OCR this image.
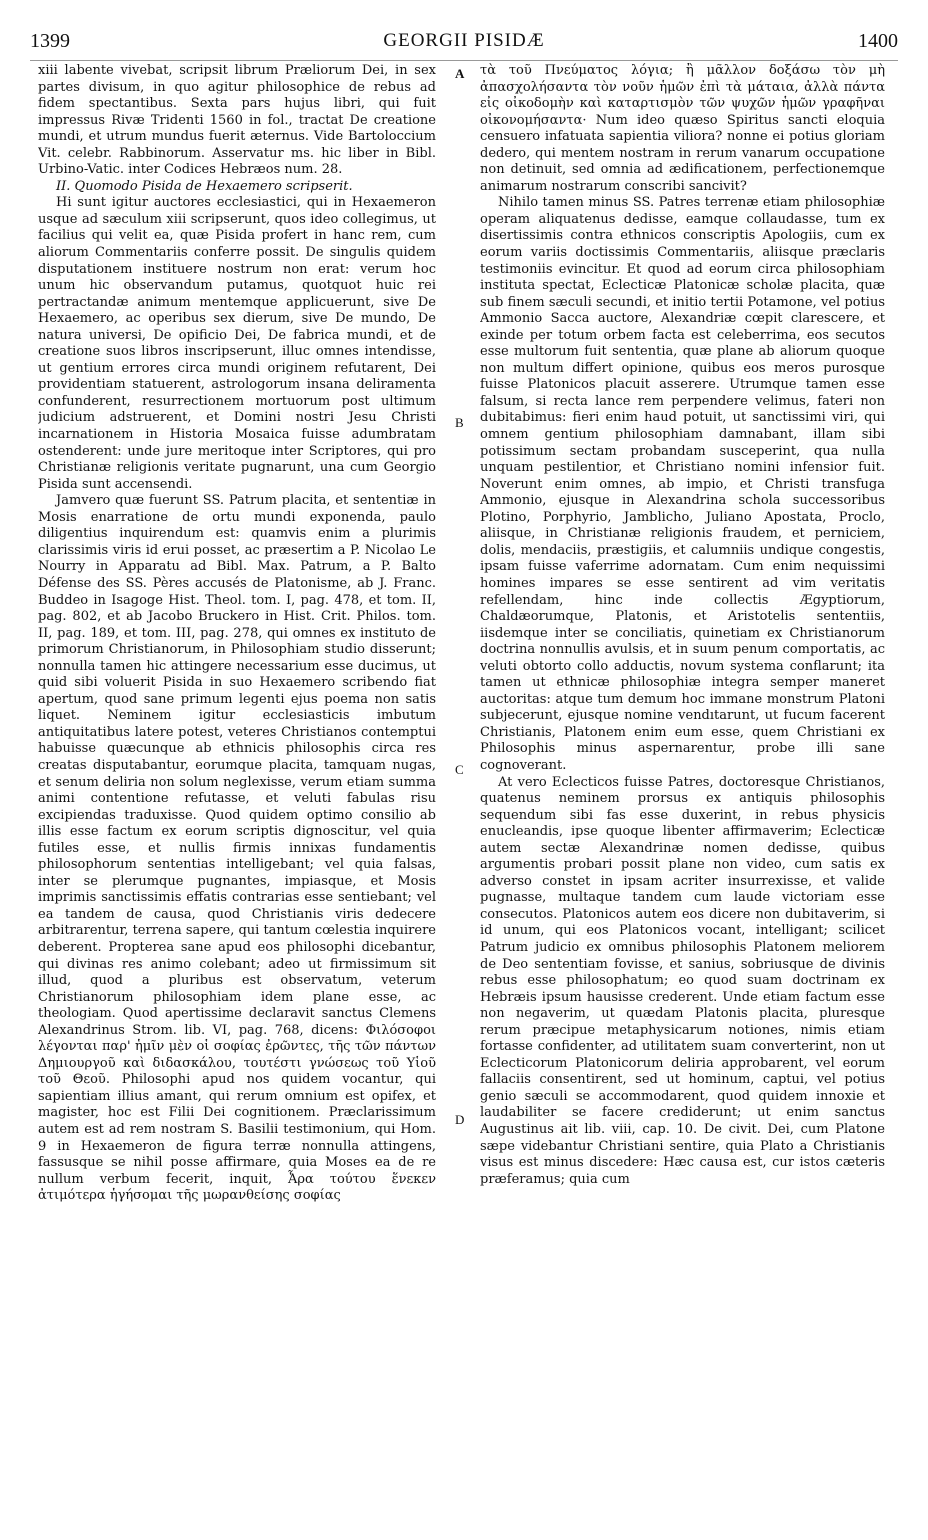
1399	GEORGII PISIDÆ	1400
A
B
C
D

xiii labente vivebat, scripsit librum Præliorum Dei, in sex partes divisum, in quo agitur philosophice de rebus ad fidem spectantibus. Sexta pars hujus libri, qui fuit impressus Rivæ Tridenti 1560 in fol., tractat De creatione mundi, et utrum mundus fuerit æternus. Vide Bartoloccium Vit. celebr. Rabbinorum. Asservatur ms. hic liber in Bibl. Urbino-Vatic. inter Codices Hebræos num. 28.

II. Quomodo Pisida de Hexaemero scripserit.

Hi sunt igitur auctores ecclesiastici, qui in Hexaemeron usque ad sæculum xiii scripserunt, quos ideo collegimus, ut facilius qui velit ea, quæ Pisida profert in hanc rem, cum aliorum Commentariis conferre possit. De singulis quidem disputationem instituere nostrum non erat: verum hoc unum hic observandum putamus, quotquot huic rei pertractandæ animum mentemque applicuerunt, sive De Hexaemero, ac operibus sex dierum, sive De mundo, De natura universi, De opificio Dei, De fabrica mundi, et de creatione suos libros inscripserunt, illuc omnes intendisse, ut gentium errores circa mundi originem refutarent, Dei providentiam statuerent, astrologorum insana deliramenta confunderent, resurrectionem mortuorum post ultimum judicium adstruerent, et Domini nostri Jesu Christi incarnationem in Historia Mosaica fuisse adumbratam ostenderent: unde jure meritoque inter Scriptores, qui pro Christianæ religionis veritate pugnarunt, una cum Georgio Pisida sunt accensendi.

Jamvero quæ fuerunt SS. Patrum placita, et sententiæ in Mosis enarratione de ortu mundi exponenda, paulo diligentius inquirendum est: quamvis enim a plurimis clarissimis viris id erui posset, ac præsertim a P. Nicolao Le Nourry in Apparatu ad Bibl. Max. Patrum, a P. Balto Défense des SS. Pères accusés de Platonisme, ab J. Franc. Buddeo in Isagoge Hist. Theol. tom. I, pag. 478, et tom. II, pag. 802, et ab Jacobo Bruckero in Hist. Crit. Philos. tom. II, pag. 189, et tom. III, pag. 278, qui omnes ex instituto de primorum Christianorum, in Philosophiam studio disserunt; nonnulla tamen hic attingere necessarium esse ducimus, ut quid sibi voluerit Pisida in suo Hexaemero scribendo fiat apertum, quod sane primum legenti ejus poema non satis liquet. Neminem igitur ecclesiasticis imbutum antiquitatibus latere potest, veteres Christianos contemptui habuisse quæcunque ab ethnicis philosophis circa res creatas disputabantur, eorumque placita, tamquam nugas, et senum deliria non solum neglexisse, verum etiam summa animi contentione refutasse, et veluti fabulas risu excipiendas traduxisse. Quod quidem optimo consilio ab illis esse factum ex eorum scriptis dignoscitur, vel quia futiles esse, et nullis firmis innixas fundamentis philosophorum sententias intelligebant; vel quia falsas, inter se plerumque pugnantes, impiasque, et Mosis imprimis sanctissimis effatis contrarias esse sentiebant; vel ea tandem de causa, quod Christianis viris dedecere arbitrarentur, terrena sapere, qui tantum cœlestia inquirere deberent. Propterea sane apud eos philosophi dicebantur, qui divinas res animo colebant; adeo ut firmissimum sit illud, quod a pluribus est observatum, veterum Christianorum philosophiam idem plane esse, ac theologiam. Quod apertissime declaravit sanctus Clemens Alexandrinus Strom. lib. VI, pag. 768, dicens: Φιλόσοφοι λέγονται παρ' ἡμῖν μὲν οἱ σοφίας ἐρῶντες, τῆς τῶν πάντων Δημιουργοῦ καὶ διδασκάλου, τουτέστι γνώσεως τοῦ Υἱοῦ τοῦ Θεοῦ. Philosophi apud nos quidem vocantur, qui sapientiam illius amant, qui rerum omnium est opifex, et magister, hoc est Filii Dei cognitionem. Præclarissimum autem est ad rem nostram S. Basilii testimonium, qui Hom. 9 in Hexaemeron de figura terræ nonnulla attingens, fassusque se nihil posse affirmare, quia Moses ea de re nullum verbum fecerit, inquit, Ἆρα τούτου ἕνεκεν ἀτιμότερα ἡγήσομαι τῆς μωρανθείσης σοφίας

τὰ τοῦ Πνεύματος λόγια; ἢ μᾶλλον δοξάσω τὸν μὴ ἀπασχολήσαντα τὸν νοῦν ἡμῶν ἐπὶ τὰ μάταια, ἀλλὰ πάντα εἰς οἰκοδομὴν καὶ καταρτισμὸν τῶν ψυχῶν ἡμῶν γραφῆναι οἰκονομήσαντα· Num ideo quæso Spiritus sancti eloquia censuero infatuata sapientia viliora? nonne ei potius gloriam dedero, qui mentem nostram in rerum vanarum occupatione non detinuit, sed omnia ad ædificationem, perfectionemque animarum nostrarum conscribi sancivit?

Nihilo tamen minus SS. Patres terrenæ etiam philosophiæ operam aliquatenus dedisse, eamque collaudasse, tum ex disertissimis contra ethnicos conscriptis Apologiis, cum ex eorum variis doctissimis Commentariis, aliisque præclaris testimoniis evincitur. Et quod ad eorum circa philosophiam instituta spectat, Eclecticæ Platonicæ scholæ placita, quæ sub finem sæculi secundi, et initio tertii Potamone, vel potius Ammonio Sacca auctore, Alexandriæ cœpit clarescere, et exinde per totum orbem facta est celeberrima, eos secutos esse multorum fuit sententia, quæ plane ab aliorum quoque non multum differt opinione, quibus eos meros purosque fuisse Platonicos placuit asserere. Utrumque tamen esse falsum, si recta lance rem perpendere velimus, fateri non dubitabimus: fieri enim haud potuit, ut sanctissimi viri, qui omnem gentium philosophiam damnabant, illam sibi potissimum sectam probandam susceperint, qua nulla unquam pestilentior, et Christiano nomini infensior fuit. Noverunt enim omnes, ab impio, et Christi transfuga Ammonio, ejusque in Alexandrina schola successoribus Plotino, Porphyrio, Jamblicho, Juliano Apostata, Proclo, aliisque, in Christianæ religionis fraudem, et perniciem, dolis, mendaciis, præstigiis, et calumniis undique congestis, ipsam fuisse vaferrime adornatam. Cum enim nequissimi homines impares se esse sentirent ad vim veritatis refellendam, hinc inde collectis Ægyptiorum, Chaldæorumque, Platonis, et Aristotelis sententiis, iisdemque inter se conciliatis, quinetiam ex Christianorum doctrina nonnullis avulsis, et in suum penum comportatis, ac veluti obtorto collo adductis, novum systema conflarunt; ita tamen ut ethnicæ philosophiæ integra semper maneret auctoritas: atque tum demum hoc immane monstrum Platoni subjecerunt, ejusque nomine vendıtarunt, ut fucum facerent Christianis, Platonem enim eum esse, quem Christiani ex Philosophis minus aspernarentur, probe illi sane cognoverant.

At vero Eclecticos fuisse Patres, doctoresque Christianos, quatenus neminem prorsus ex antiquis philosophis sequendum sibi fas esse duxerint, in rebus physicis enucleandis, ipse quoque libenter affirmaverim; Eclecticæ autem sectæ Alexandrinæ nomen dedisse, quibus argumentis probari possit plane non video, cum satis ex adverso constet in ipsam acriter insurrexisse, et valide pugnasse, multaque tandem cum laude victoriam esse consecutos. Platonicos autem eos dicere non dubitaverim, si id unum, qui eos Platonicos vocant, intelligant; scilicet Patrum judicio ex omnibus philosophis Platonem meliorem de Deo sententiam fovisse, et sanius, sobriusque de divinis rebus esse philosophatum; eo quod suam doctrinam ex Hebræis ipsum hausisse crederent. Unde etiam factum esse non negaverim, ut quædam Platonis placita, pluresque rerum præcipue metaphysicarum notiones, nimis etiam fortasse confidenter, ad utilitatem suam converterint, non ut Eclecticorum Platonicorum deliria approbarent, vel eorum fallaciis consentirent, sed ut hominum, captui, vel potius genio sæculi se accommodarent, quod quidem innoxie et laudabiliter se facere crediderunt; ut enim sanctus Augustinus ait lib. viii, cap. 10. De civit. Dei, cum Platone sæpe videbantur Christiani sentire, quia Plato a Christianis visus est minus discedere: Hæc causa est, cur istos cæteris præferamus; quia cum
